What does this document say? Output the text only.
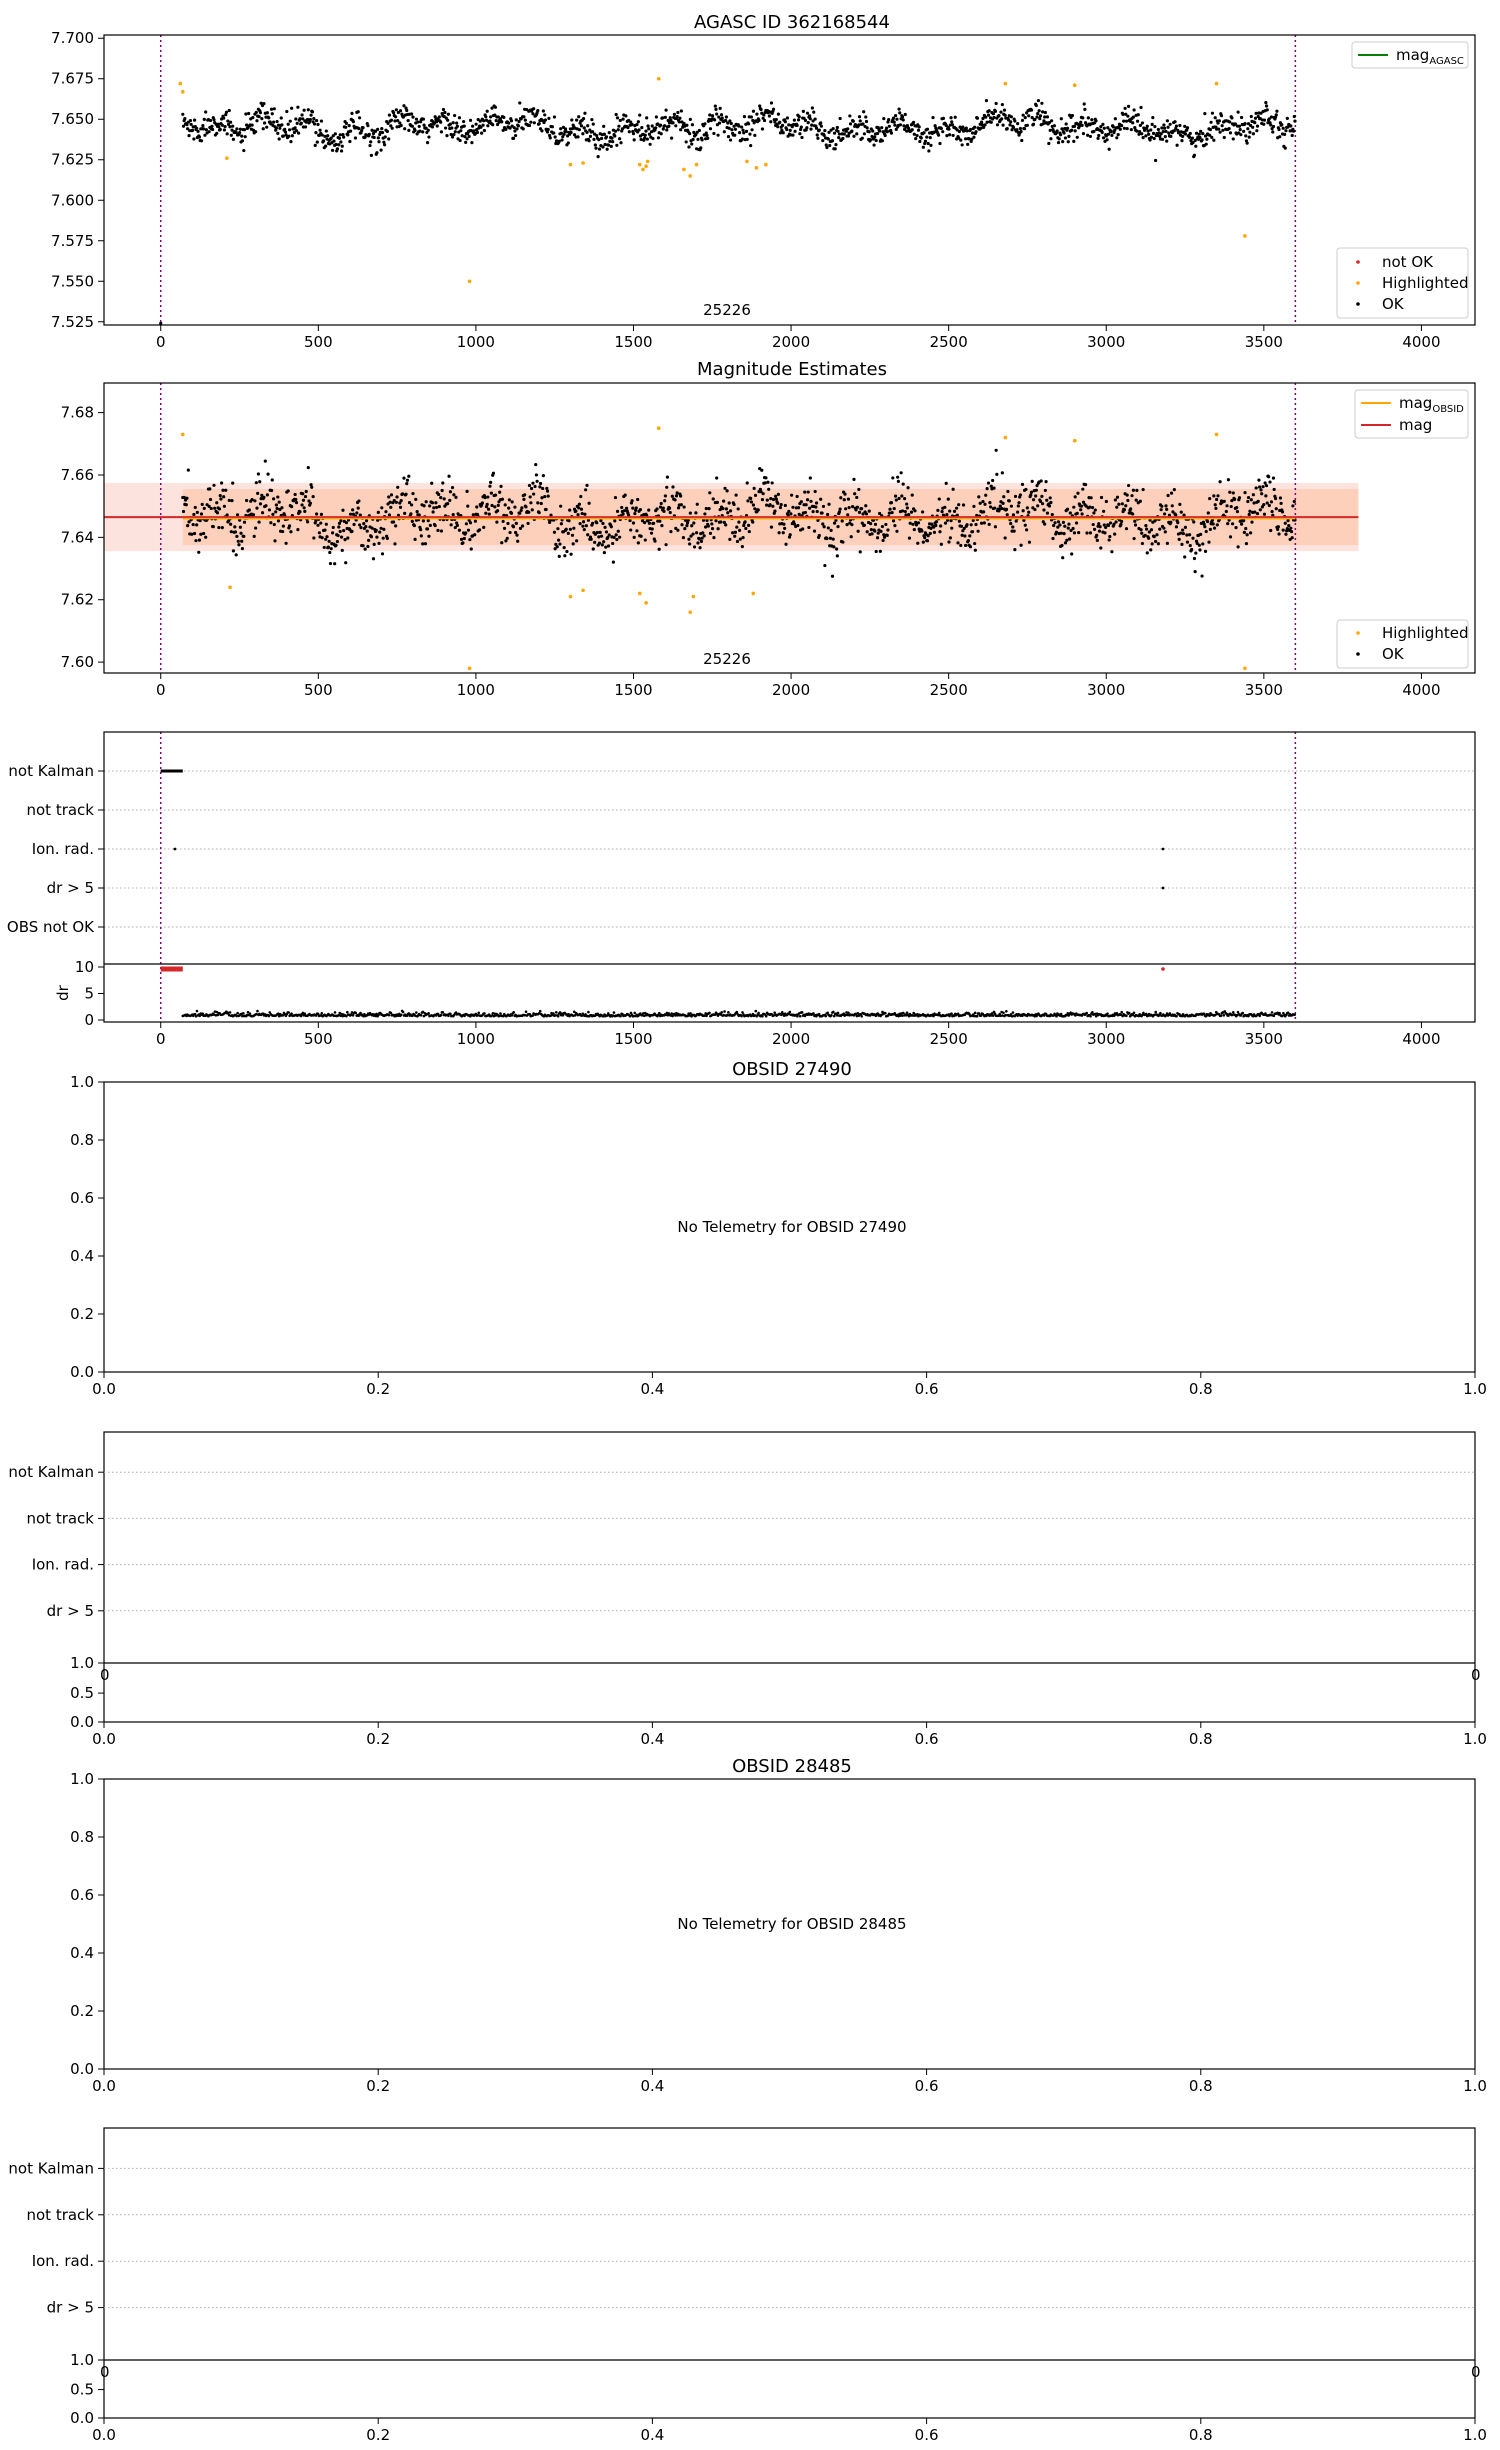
AGASC ID 362168544
0	500	1000	1500	2000	2500	3000	3500	4000
7.525
7.550
7.575
7.600
7.625
7.650
7.675
7.700
25226
mag$_{AGASC}$
not OK
Highlighted
OK
Magnitude Estimates
0	500	1000	1500	2000	2500	3000	3500	4000
7.60
7.62
7.64
7.66
7.68
25226
mag$_{OBSID}$
mag
Highlighted
OK
not Kalman
not track
Ion. rad.
dr > 5
OBS not OK
0
5
10
0	500	1000	1500	2000	2500	3000	3500	4000
dr
OBSID 27490
No Telemetry for OBSID 27490
0.0	0.2	0.4	0.6	0.8	1.0
0.0
0.2
0.4
0.6
0.8
1.0
not Kalman
not track
Ion. rad.
dr > 5
1.0
0	0
0.5
0.0
0.0	0.2	0.4	0.6	0.8	1.0
OBSID 28485
No Telemetry for OBSID 28485
0.0	0.2	0.4	0.6	0.8	1.0
0.0
0.2
0.4
0.6
0.8
1.0
not Kalman
not track
Ion. rad.
dr > 5
1.0
0	0
0.5
0.0
0.0	0.2	0.4	0.6	0.8	1.0
